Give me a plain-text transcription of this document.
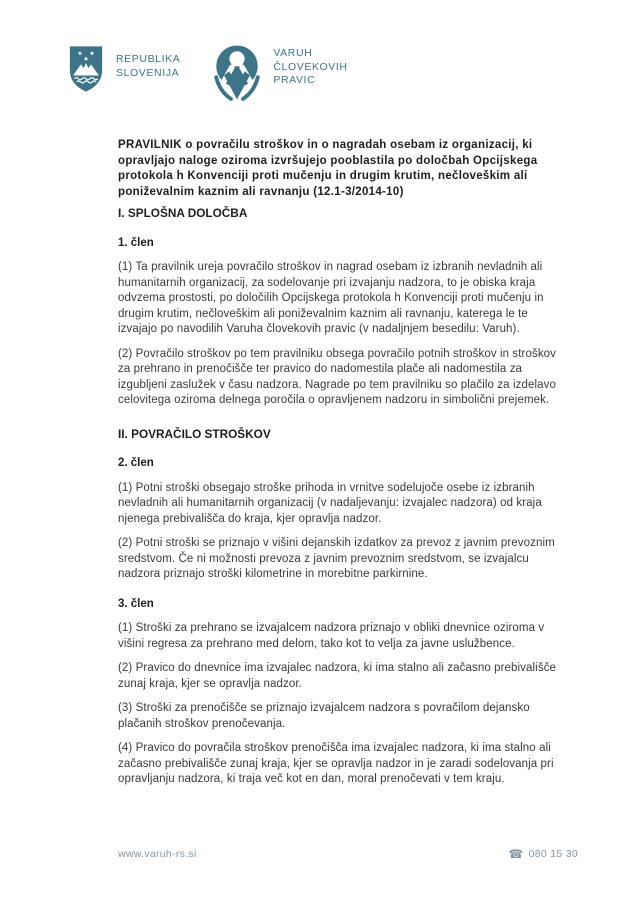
REPUBLIKA
SLOVENIJA
VARUH
ČLOVEKOVIH
PRAVIC
PRAVILNIK o povračilu stroškov in o nagradah osebam iz organizacij, ki opravljajo naloge oziroma izvršujejo pooblastila po določbah Opcijskega protokola h Konvenciji proti mučenju in drugim krutim, nečloveškim ali poniževalnim kaznim ali ravnanju (12.1-3/2014-10)
I. SPLOŠNA DOLOČBA
1. člen

(1) Ta pravilnik ureja povračilo stroškov in nagrad osebam iz izbranih nevladnih ali humanitarnih organizacij, za sodelovanje pri izvajanju nadzora, to je obiska kraja odvzema prostosti, po določilih Opcijskega protokola h Konvenciji proti mučenju in drugim krutim, nečloveškim ali poniževalnim kaznim ali ravnanju, katerega le te izvajajo po navodilih Varuha človekovih pravic (v nadaljnjem besedilu: Varuh).

(2) Povračilo stroškov po tem pravilniku obsega povračilo potnih stroškov in stroškov za prehrano in prenočišče ter pravico do nadomestila plače ali nadomestila za izgubljeni zaslužek v času nadzora. Nagrade po tem pravilniku so plačilo za izdelavo celovitega oziroma delnega poročila o opravljenem nadzoru in simbolični prejemek.

II. POVRAČILO STROŠKOV
2. člen

(1) Potni stroški obsegajo stroške prihoda in vrnitve sodelujoče osebe iz izbranih nevladnih ali humanitarnih organizacij (v nadaljevanju: izvajalec nadzora) od kraja njenega prebivališča do kraja, kjer opravlja nadzor.

(2) Potni stroški se priznajo v višini dejanskih izdatkov za prevoz z javnim prevoznim sredstvom. Če ni možnosti prevoza z javnim prevoznim sredstvom, se izvajalcu nadzora priznajo stroški kilometrine in morebitne parkirnine.

3. člen

(1) Stroški za prehrano se izvajalcem nadzora priznajo v obliki dnevnice oziroma v višini regresa za prehrano med delom, tako kot to velja za javne uslužbence.

(2) Pravico do dnevnice ima izvajalec nadzora, ki ima stalno ali začasno prebivališče zunaj kraja, kjer se opravlja nadzor.

(3) Stroški za prenočišče se priznajo izvajalcem nadzora s povračilom dejansko plačanih stroškov prenočevanja.

(4) Pravico do povračila stroškov prenočišča ima izvajalec nadzora, ki ima stalno ali začasno prebivališče zunaj kraja, kjer se opravlja nadzor in je zaradi sodelovanja pri opravljanju nadzora, ki traja več kot en dan, moral prenočevati v tem kraju.

www.varuh-rs.si	☎ 080 15 30
